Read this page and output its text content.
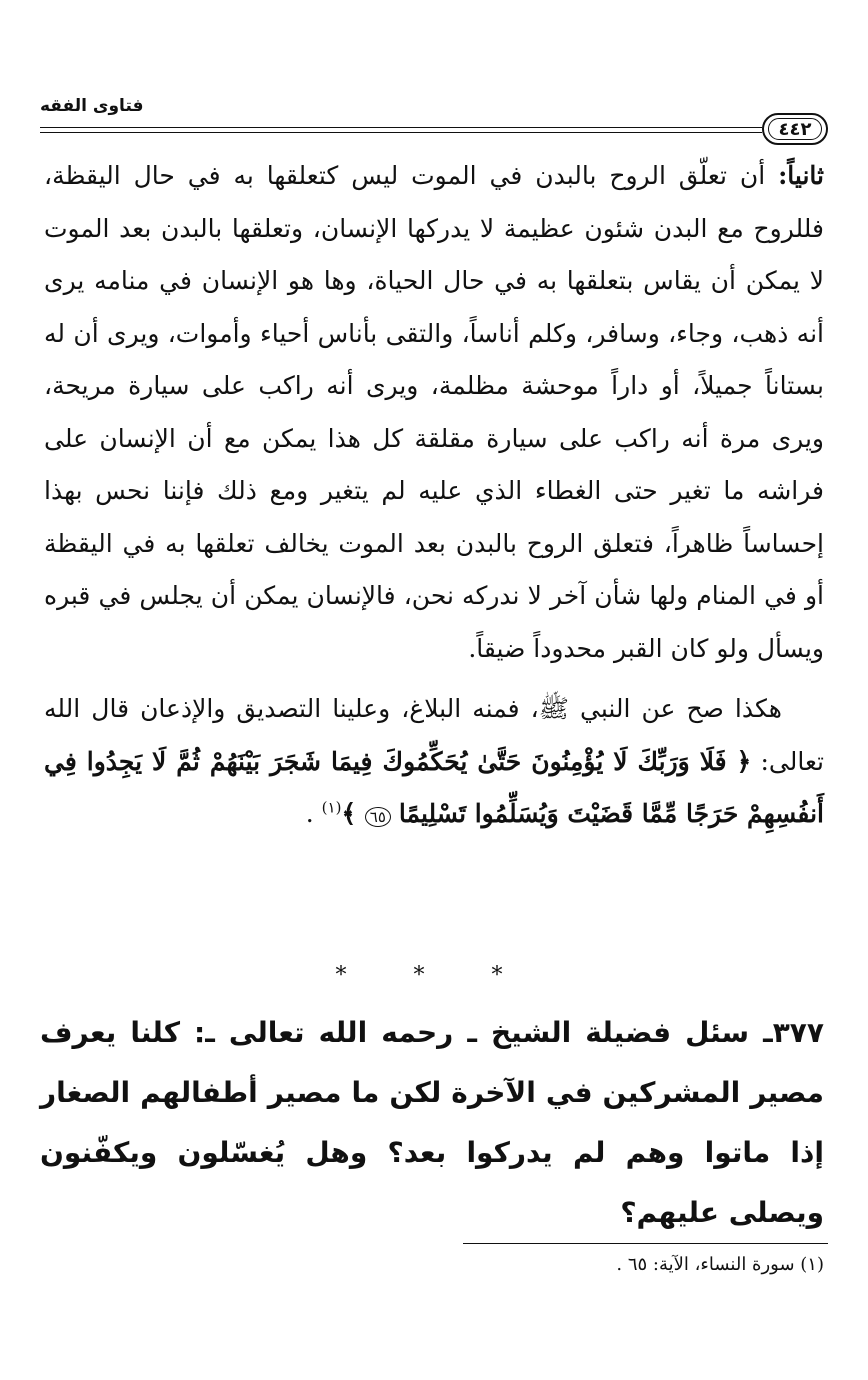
فتاوى الفقه
٤٤٢

ثانياً: أن تعلّق الروح بالبدن في الموت ليس كتعلقها به في حال اليقظة، فللروح مع البدن شئون عظيمة لا يدركها الإنسان، وتعلقها بالبدن بعد الموت لا يمكن أن يقاس بتعلقها به في حال الحياة، وها هو الإنسان في منامه يرى أنه ذهب، وجاء، وسافر، وكلم أناساً، والتقى بأناس أحياء وأموات، ويرى أن له بستاناً جميلاً، أو داراً موحشة مظلمة، ويرى أنه راكب على سيارة مريحة، ويرى مرة أنه راكب على سيارة مقلقة كل هذا يمكن مع أن الإنسان على فراشه ما تغير حتى الغطاء الذي عليه لم يتغير ومع ذلك فإننا نحس بهذا إحساساً ظاهراً، فتعلق الروح بالبدن بعد الموت يخالف تعلقها به في اليقظة أو في المنام ولها شأن آخر لا ندركه نحن، فالإنسان يمكن أن يجلس في قبره ويسأل ولو كان القبر محدوداً ضيقاً.

هكذا صح عن النبي ﷺ، فمنه البلاغ، وعلينا التصديق والإذعان قال الله تعالى: ﴿ فَلَا وَرَبِّكَ لَا يُؤْمِنُونَ حَتَّىٰ يُحَكِّمُوكَ فِيمَا شَجَرَ بَيْنَهُمْ ثُمَّ لَا يَجِدُوا فِي أَنفُسِهِمْ حَرَجًا مِّمَّا قَضَيْتَ وَيُسَلِّمُوا تَسْلِيمًا ٦٥ ﴾$^{(١)}$ .

* * *

٣٧٧ـ سئل فضيلة الشيخ ـ رحمه الله تعالى ـ: كلنا يعرف مصير المشركين في الآخرة لكن ما مصير أطفالهم الصغار إذا ماتوا وهم لم يدركوا بعد؟ وهل يُغسّلون ويكفّنون ويصلى عليهم؟

(١) سورة النساء، الآية: ٦٥ .
